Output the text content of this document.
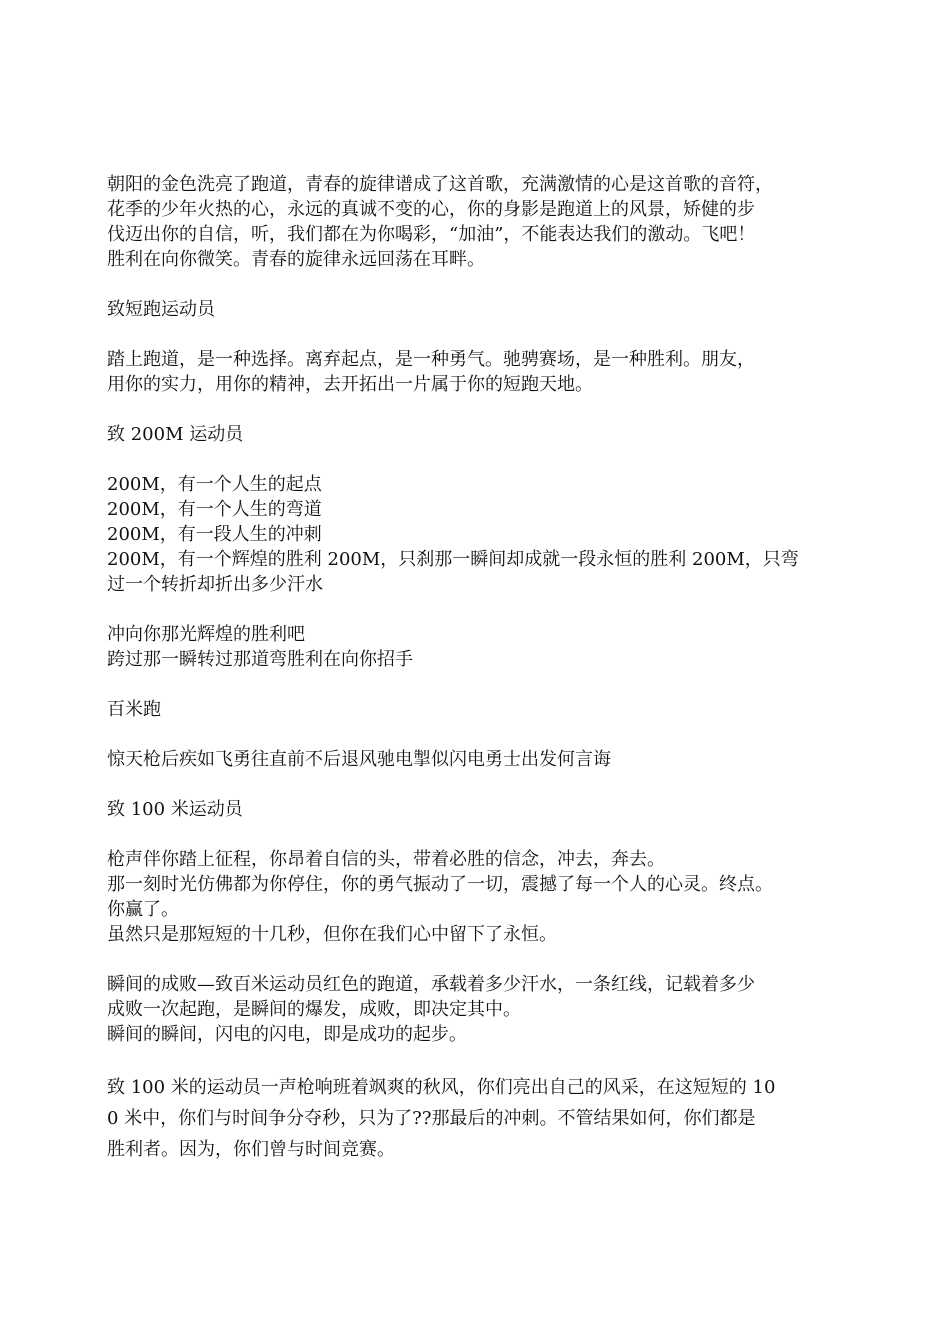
朝阳的金色洗亮了跑道，青春的旋律谱成了这首歌，充满激情的心是这首歌的音符，
花季的少年火热的心，永远的真诚不变的心，你的身影是跑道上的风景，矫健的步
伐迈出你的自信，听，我们都在为你喝彩，“加油”，不能表达我们的激动。飞吧！
胜利在向你微笑。青春的旋律永远回荡在耳畔。
致短跑运动员
踏上跑道，是一种选择。离弃起点，是一种勇气。驰骋赛场，是一种胜利。朋友，
用你的实力，用你的精神，去开拓出一片属于你的短跑天地。
致 200M 运动员
200M，有一个人生的起点
200M，有一个人生的弯道
200M，有一段人生的冲刺
200M，有一个辉煌的胜利 200M，只刹那一瞬间却成就一段永恒的胜利 200M，只弯
过一个转折却折出多少汗水
冲向你那光辉煌的胜利吧
跨过那一瞬转过那道弯胜利在向你招手
百米跑
惊天枪后疾如飞勇往直前不后退风驰电掣似闪电勇士出发何言诲
致 100 米运动员
枪声伴你踏上征程，你昂着自信的头，带着必胜的信念，冲去，奔去。
那一刻时光仿佛都为你停住，你的勇气振动了一切，震撼了每一个人的心灵。终点。
你赢了。
虽然只是那短短的十几秒，但你在我们心中留下了永恒。
瞬间的成败—致百米运动员红色的跑道，承载着多少汗水，一条红线，记载着多少
成败一次起跑，是瞬间的爆发，成败，即决定其中。
瞬间的瞬间，闪电的闪电，即是成功的起步。
致 100 米的运动员一声枪响班着飒爽的秋风，你们亮出自己的风采，在这短短的 10
0 米中，你们与时间争分夺秒，只为了??那最后的冲刺。不管结果如何，你们都是
胜利者。因为，你们曾与时间竞赛。
